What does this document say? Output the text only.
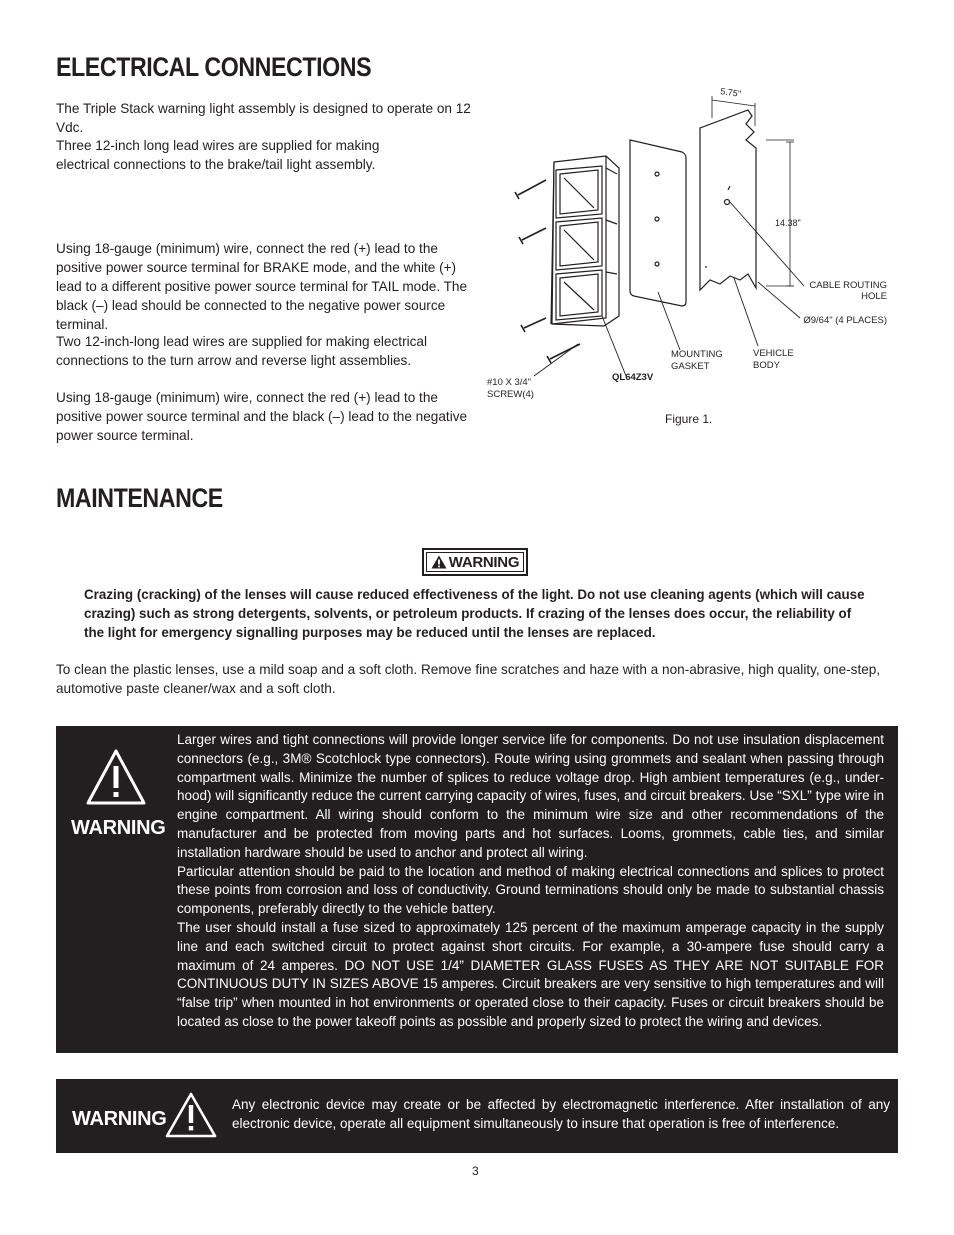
ELECTRICAL CONNECTIONS

The Triple Stack warning light assembly is designed to operate on 12 Vdc.

Three 12-inch long lead wires are supplied for making electrical connections to the brake/tail light assembly.

Using 18-gauge (minimum) wire, connect the red (+) lead to the positive power source terminal for BRAKE mode, and the white (+) lead to a different positive power source terminal for TAIL mode. The black (–) lead should be connected to the negative power source terminal.

Two 12-inch-long lead wires are supplied for making electrical connections to the turn arrow and reverse light assemblies.

Using 18-gauge (minimum) wire, connect the red (+) lead to the positive power source terminal and the black (–) lead to the negative power source terminal.

5.75"
14.38"
CABLE ROUTING
HOLE
Ø9/64" (4 PLACES)
MOUNTING
GASKET
VEHICLE
BODY
QL64Z3V
#10 X 3/4"
SCREW(4)
Figure 1.
MAINTENANCE
WARNING

Crazing (cracking) of the lenses will cause reduced effectiveness of the light. Do not use cleaning agents (which will cause crazing) such as strong detergents, solvents, or petroleum products. If crazing of the lenses does occur, the reliability of the light for emergency signalling purposes may be reduced until the lenses are replaced.

To clean the plastic lenses, use a mild soap and a soft cloth. Remove fine scratches and haze with a non-abrasive, high quality, one-step, automotive paste cleaner/wax and a soft cloth.

WARNING

Larger wires and tight connections will provide longer service life for components. Do not use insulation displacement connectors (e.g., 3M® Scotchlock type connectors). Route wiring using grommets and sealant when passing through compartment walls. Minimize the number of splices to reduce voltage drop. High ambient temperatures (e.g., under-hood) will significantly reduce the current carrying capacity of wires, fuses, and circuit breakers. Use “SXL” type wire in engine compartment. All wiring should conform to the minimum wire size and other recommendations of the manufacturer and be protected from moving parts and hot surfaces. Looms, grommets, cable ties, and similar installation hardware should be used to anchor and protect all wiring.

Particular attention should be paid to the location and method of making electrical connections and splices to protect these points from corrosion and loss of conductivity. Ground terminations should only be made to substantial chassis components, preferably directly to the vehicle battery.

The user should install a fuse sized to approximately 125 percent of the maximum amperage capacity in the supply line and each switched circuit to protect against short circuits. For example, a 30-ampere fuse should carry a maximum of 24 amperes. DO NOT USE 1/4” DIAMETER GLASS FUSES AS THEY ARE NOT SUITABLE FOR CONTINUOUS DUTY IN SIZES ABOVE 15 amperes. Circuit breakers are very sensitive to high temperatures and will “false trip” when mounted in hot environments or operated close to their capacity. Fuses or circuit breakers should be located as close to the power takeoff points as possible and properly sized to protect the wiring and devices.

WARNING
Any electronic device may create or be affected by electromagnetic interference. After installation of any electronic device, operate all equipment simultaneously to insure that operation is free of interference.
3
